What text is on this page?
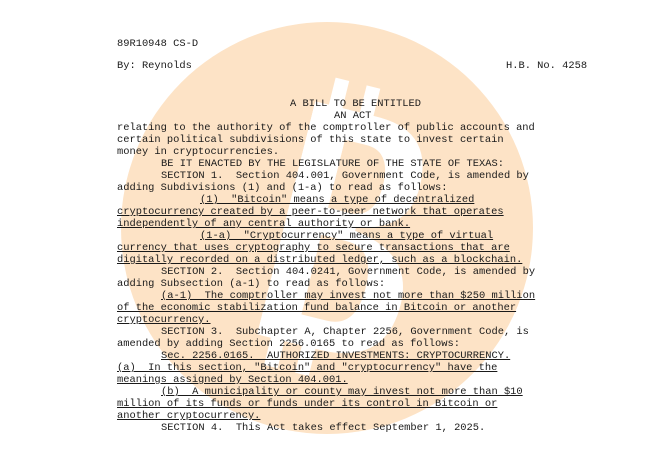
89R10948 CS-D
By: Reynolds	H.B. No. 4258
A BILL TO BE ENTITLED
AN ACT
relating to the authority of the comptroller of public accounts and
certain political subdivisions of this state to invest certain
money in cryptocurrencies.
BE IT ENACTED BY THE LEGISLATURE OF THE STATE OF TEXAS:
SECTION 1.  Section 404.001, Government Code, is amended by
adding Subdivisions (1) and (1-a) to read as follows:
(1)  "Bitcoin" means a type of decentralized
cryptocurrency created by a peer-to-peer network that operates
independently of any central authority or bank.
(1-a)  "Cryptocurrency" means a type of virtual
currency that uses cryptography to secure transactions that are
digitally recorded on a distributed ledger, such as a blockchain.
SECTION 2.  Section 404.0241, Government Code, is amended by
adding Subsection (a-1) to read as follows:
(a-1)  The comptroller may invest not more than $250 million
of the economic stabilization fund balance in Bitcoin or another
cryptocurrency.
SECTION 3.  Subchapter A, Chapter 2256, Government Code, is
amended by adding Section 2256.0165 to read as follows:
Sec. 2256.0165.  AUTHORIZED INVESTMENTS: CRYPTOCURRENCY.
(a)  In this section, "Bitcoin" and "cryptocurrency" have the
meanings assigned by Section 404.001.
(b)  A municipality or county may invest not more than $10
million of its funds or funds under its control in Bitcoin or
another cryptocurrency.
SECTION 4.  This Act takes effect September 1, 2025.
